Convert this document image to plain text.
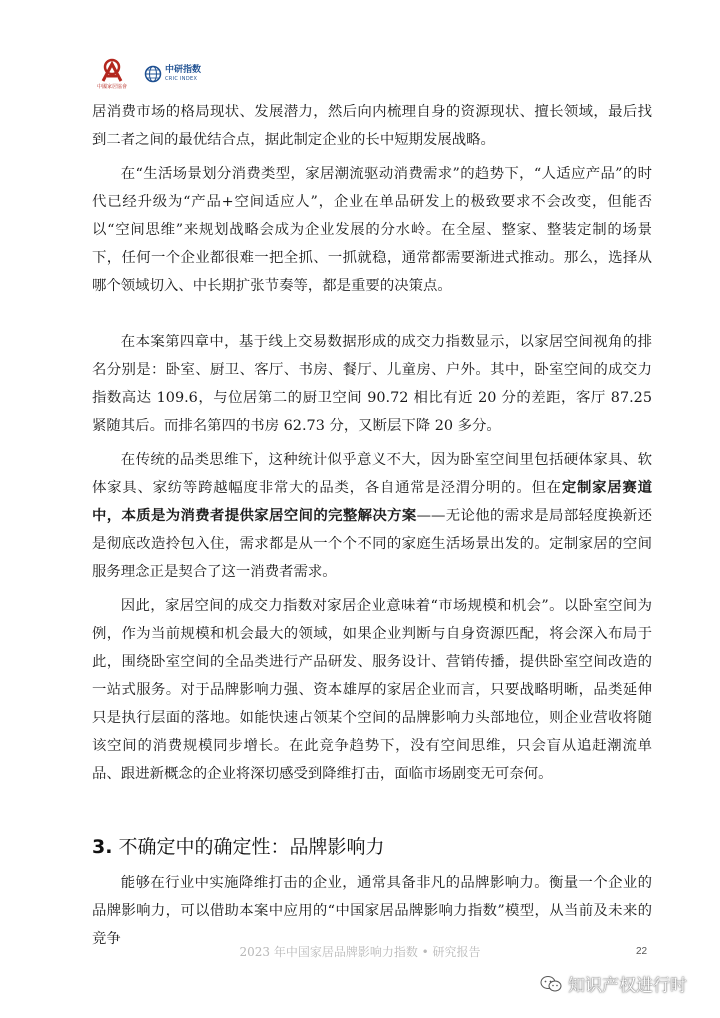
中國家居協會
中研指数
CRIC INDEX

居消费市场的格局现状、发展潜力，然后向内梳理自身的资源现状、擅长领域，最后找到二者之间的最优结合点，据此制定企业的长中短期发展战略。

在“生活场景划分消费类型，家居潮流驱动消费需求”的趋势下，“人适应产品”的时代已经升级为“产品+空间适应人”，企业在单品研发上的极致要求不会改变，但能否以“空间思维”来规划战略会成为企业发展的分水岭。在全屋、整家、整装定制的场景下，任何一个企业都很难一把全抓、一抓就稳，通常都需要渐进式推动。那么，选择从哪个领域切入、中长期扩张节奏等，都是重要的决策点。

在本案第四章中，基于线上交易数据形成的成交力指数显示，以家居空间视角的排名分别是：卧室、厨卫、客厅、书房、餐厅、儿童房、户外。其中，卧室空间的成交力指数高达 109.6，与位居第二的厨卫空间 90.72 相比有近 20 分的差距，客厅 87.25 紧随其后。而排名第四的书房 62.73 分，又断层下降 20 多分。

在传统的品类思维下，这种统计似乎意义不大，因为卧室空间里包括硬体家具、软体家具、家纺等跨越幅度非常大的品类，各自通常是泾渭分明的。但在定制家居赛道中，本质是为消费者提供家居空间的完整解决方案——无论他的需求是局部轻度换新还是彻底改造拎包入住，需求都是从一个个不同的家庭生活场景出发的。定制家居的空间服务理念正是契合了这一消费者需求。

因此，家居空间的成交力指数对家居企业意味着“市场规模和机会”。以卧室空间为例，作为当前规模和机会最大的领域，如果企业判断与自身资源匹配，将会深入布局于此，围绕卧室空间的全品类进行产品研发、服务设计、营销传播，提供卧室空间改造的一站式服务。对于品牌影响力强、资本雄厚的家居企业而言，只要战略明晰，品类延伸只是执行层面的落地。如能快速占领某个空间的品牌影响力头部地位，则企业营收将随该空间的消费规模同步增长。在此竞争趋势下，没有空间思维，只会盲从追赶潮流单品、跟进新概念的企业将深切感受到降维打击，面临市场剧变无可奈何。

3. 不确定中的确定性：品牌影响力

能够在行业中实施降维打击的企业，通常具备非凡的品牌影响力。衡量一个企业的品牌影响力，可以借助本案中应用的“中国家居品牌影响力指数”模型，从当前及未来的竞争

2023 年中国家居品牌影响力指数 • 研究报告	22
知识产权进行时
